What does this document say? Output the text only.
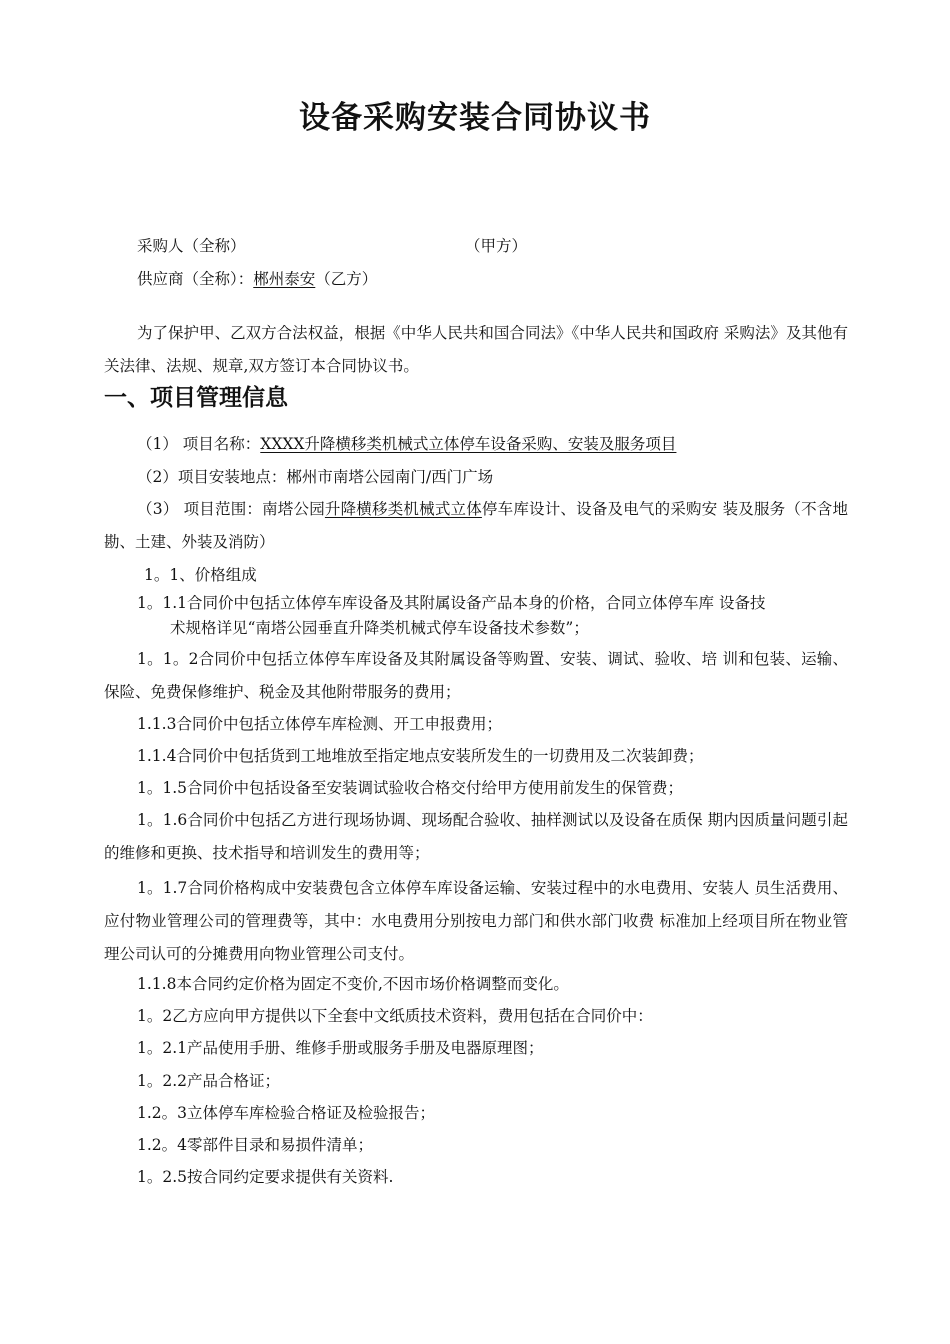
设备采购安装合同协议书
采购人（全称）	（甲方）
供应商（全称）：郴州泰安（乙方）
为了保护甲、乙双方合法权益，根据《中华人民共和国合同法》《中华人民共和国政府 采购法》及其他有关法律、法规、规章,双方签订本合同协议书。
一、项目管理信息
（1） 项目名称：XXXX升降横移类机械式立体停车设备采购、安装及服务项目
（2）项目安装地点：郴州市南塔公园南门/西门广场
（3） 项目范围：南塔公园升降横移类机械式立体停车库设计、设备及电气的采购安 装及服务（不含地勘、土建、外装及消防）
1。1、价格组成
1。1.1合同价中包括立体停车库设备及其附属设备产品本身的价格，合同立体停车库 设备技
术规格详见“南塔公园垂直升降类机械式停车设备技术参数”；
1。1。2合同价中包括立体停车库设备及其附属设备等购置、安装、调试、验收、培 训和包装、运输、保险、免费保修维护、税金及其他附带服务的费用；
1.1.3合同价中包括立体停车库检测、开工申报费用；
1.1.4合同价中包括货到工地堆放至指定地点安装所发生的一切费用及二次装卸费；
1。1.5合同价中包括设备至安装调试验收合格交付给甲方使用前发生的保管费；
1。1.6合同价中包括乙方进行现场协调、现场配合验收、抽样测试以及设备在质保 期内因质量问题引起的维修和更换、技术指导和培训发生的费用等；
1。1.7合同价格构成中安装费包含立体停车库设备运输、安装过程中的水电费用、安装人 员生活费用、应付物业管理公司的管理费等，其中：水电费用分别按电力部门和供水部门收费 标准加上经项目所在物业管理公司认可的分摊费用向物业管理公司支付。
1.1.8本合同约定价格为固定不变价,不因市场价格调整而变化。
1。2乙方应向甲方提供以下全套中文纸质技术资料，费用包括在合同价中：
1。2.1产品使用手册、维修手册或服务手册及电器原理图；
1。2.2产品合格证；
1.2。3立体停车库检验合格证及检验报告；
1.2。4零部件目录和易损件清单；
1。2.5按合同约定要求提供有关资料.
